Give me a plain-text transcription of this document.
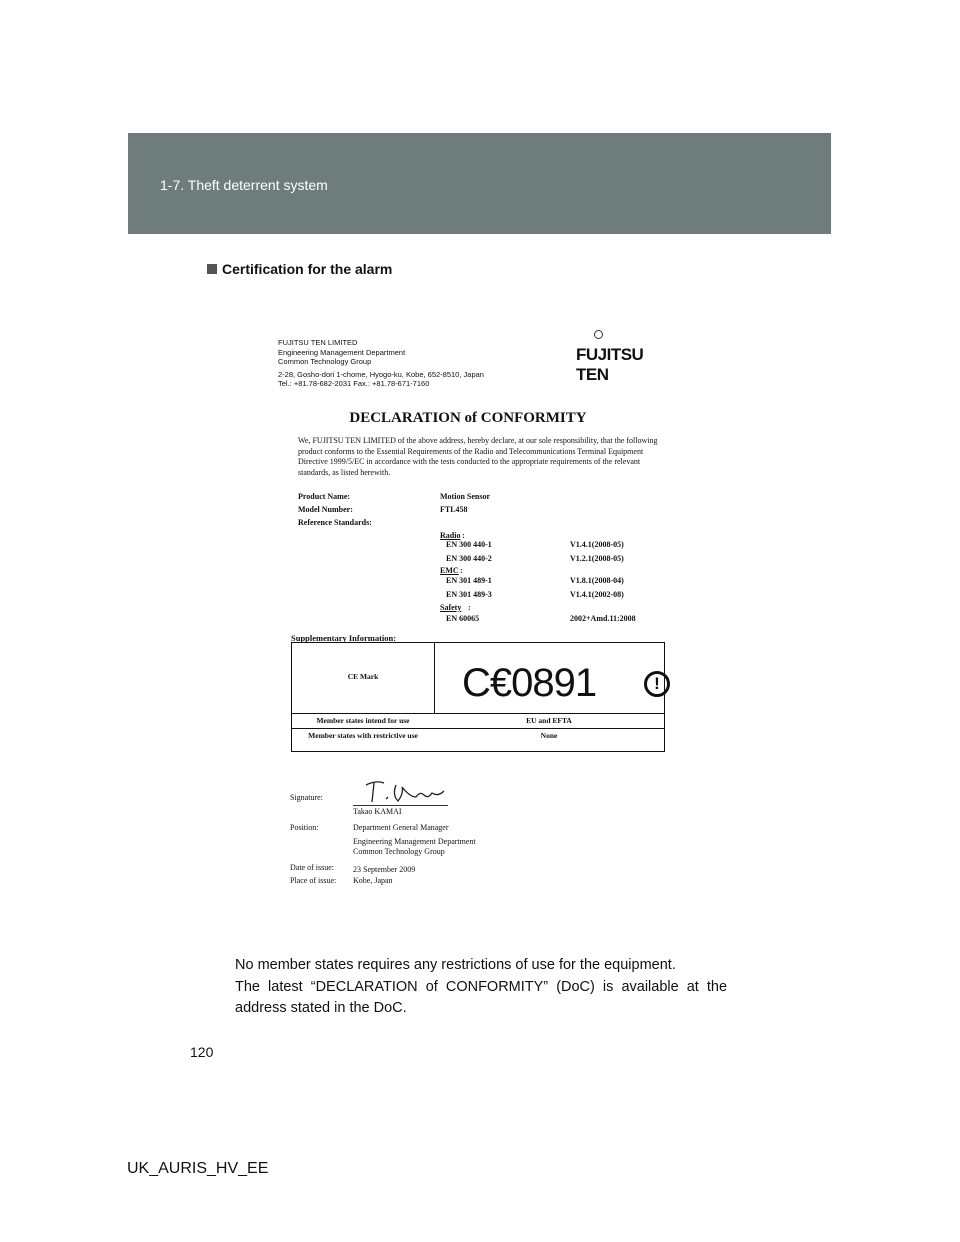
1-7. Theft deterrent system
Certification for the alarm
FUJITSU TEN LIMITED
Engineering Management Department
Common Technology Group
2-28, Gosho-dori 1-chome, Hyogo-ku, Kobe, 652-8510, Japan
Tel.: +81.78-682-2031 Fax.: +81.78-671-7160
FUJITSU TEN
DECLARATION of CONFORMITY
We, FUJITSU TEN LIMITED of the above address, hereby declare, at our sole responsibility, that the following product conforms to the Essential Requirements of the Radio and Telecommunications Terminal Equipment Directive 1999/5/EC in accordance with the tests conducted to the appropriate requirements of the relevant standards, as listed herewith.
Product Name:	Motion Sensor
Model Number:	FTL458
Reference Standards:
Radio :
EN 300 440-1	V1.4.1(2008-05)
EN 300 440-2	V1.2.1(2008-05)
EMC :
EN 301 489-1	V1.8.1(2008-04)
EN 301 489-3	V1.4.1(2002-08)
Safety :
EN 60065	2002+Amd.11:2008
Supplementary Information:
CE Mark	C€0891	!
Member states intend for use	EU and EFTA
Member states with restrictive use	None
Signature:
Takao KAMAI
Position:	Department General Manager
Engineering Management Department
Common Technology Group
Date of issue: 23 September 2009
Place of issue: Kobe, Japan
No member states requires any restrictions of use for the equipment.
The  latest  “DECLARATION  of  CONFORMITY”  (DoC)  is  available  at  the
address stated in the DoC.
120
UK_AURIS_HV_EE
